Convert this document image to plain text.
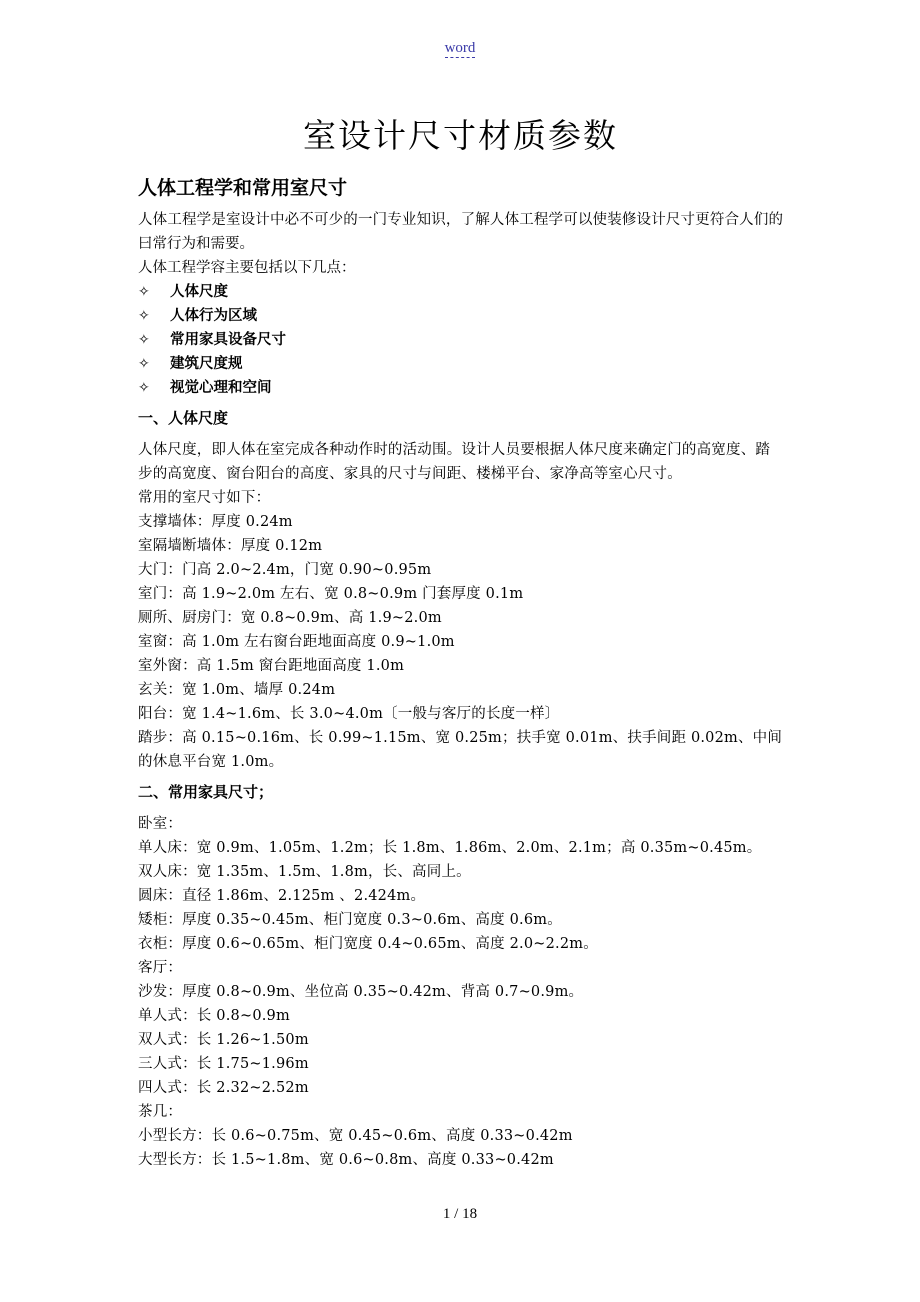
word
室设计尺寸材质参数
人体工程学和常用室尺寸

人体工程学是室设计中必不可少的一门专业知识，了解人体工程学可以使装修设计尺寸更符合人们的曰常行为和需要。

人体工程学容主要包括以下几点：

✧	人体尺度
✧	人体行为区域
✧	常用家具设备尺寸
✧	建筑尺度规
✧	视觉心理和空间
一、人体尺度

人体尺度，即人体在室完成各种动作时的活动围。设计人员要根据人体尺度来确定门的高宽度、踏步的高宽度、窗台阳台的高度、家具的尺寸与间距、楼梯平台、家净高等室心尺寸。

常用的室尺寸如下：

支撑墙体：厚度 0.24m

室隔墙断墙体：厚度 0.12m

大门：门高 2.0~2.4m，门宽 0.90~0.95m

室门：高 1.9~2.0m 左右、宽 0.8~0.9m 门套厚度 0.1m

厕所、厨房门：宽 0.8~0.9m、高 1.9~2.0m

室窗：高 1.0m 左右窗台距地面高度 0.9~1.0m

室外窗：高 1.5m 窗台距地面高度 1.0m

玄关：宽 1.0m、墙厚 0.24m

阳台：宽 1.4~1.6m、长 3.0~4.0m〔一般与客厅的长度一样〕

踏步：高 0.15~0.16m、长 0.99~1.15m、宽 0.25m；扶手宽 0.01m、扶手间距 0.02m、中间的休息平台宽 1.0m。

二、常用家具尺寸；

卧室：

单人床：宽 0.9m、1.05m、1.2m；长 1.8m、1.86m、2.0m、2.1m；高 0.35m~0.45m。

双人床：宽 1.35m、1.5m、1.8m，长、高同上。

圆床：直径 1.86m、2.125m 、2.424m。

矮柜：厚度 0.35~0.45m、柜门宽度 0.3~0.6m、高度 0.6m。

衣柜：厚度 0.6~0.65m、柜门宽度 0.4~0.65m、高度 2.0~2.2m。

客厅：

沙发：厚度 0.8~0.9m、坐位高 0.35~0.42m、背高 0.7~0.9m。

单人式：长 0.8~0.9m

双人式：长 1.26~1.50m

三人式：长 1.75~1.96m

四人式：长 2.32~2.52m

茶几：

小型长方：长 0.6~0.75m、宽 0.45~0.6m、高度 0.33~0.42m

大型长方：长 1.5~1.8m、宽 0.6~0.8m、高度 0.33~0.42m

1 / 18
